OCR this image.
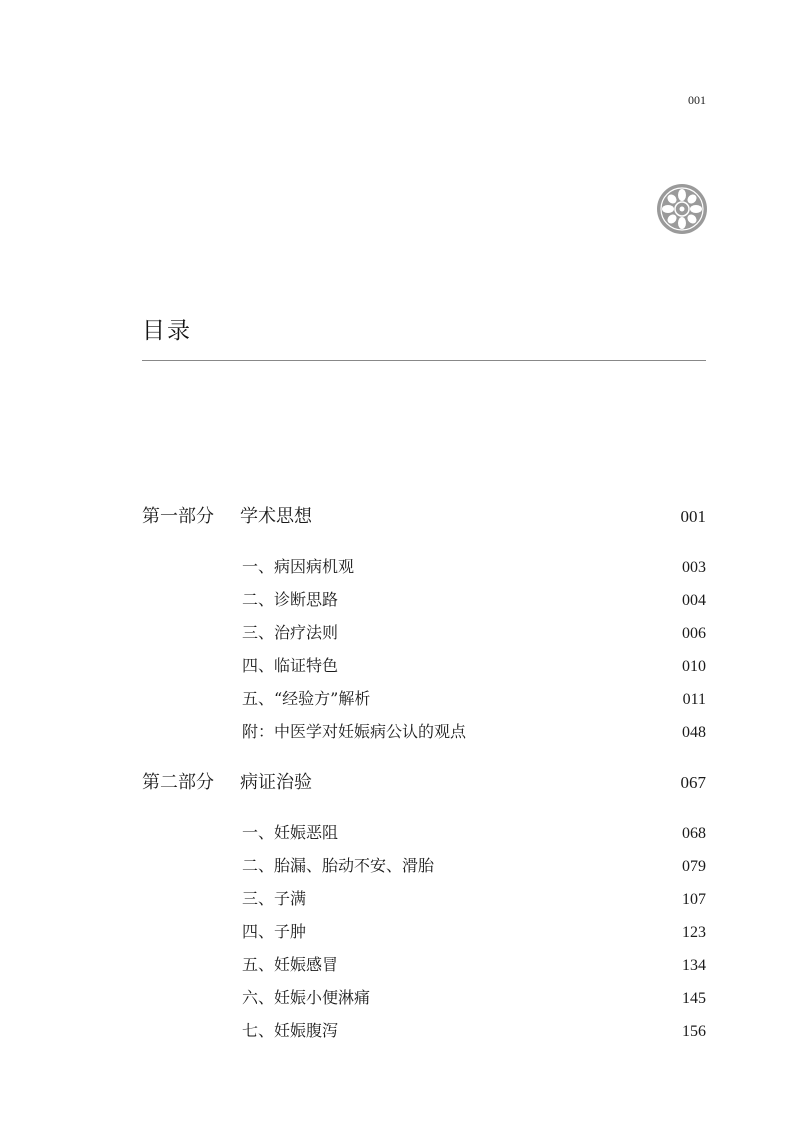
001
目录
第一部分	学术思想	001
一、病因病机观	003
二、诊断思路	004
三、治疗法则	006
四、临证特色	010
五、“经验方”解析	011
附：中医学对妊娠病公认的观点	048
第二部分	病证治验	067
一、妊娠恶阻	068
二、胎漏、胎动不安、滑胎	079
三、子满	107
四、子肿	123
五、妊娠感冒	134
六、妊娠小便淋痛	145
七、妊娠腹泻	156
